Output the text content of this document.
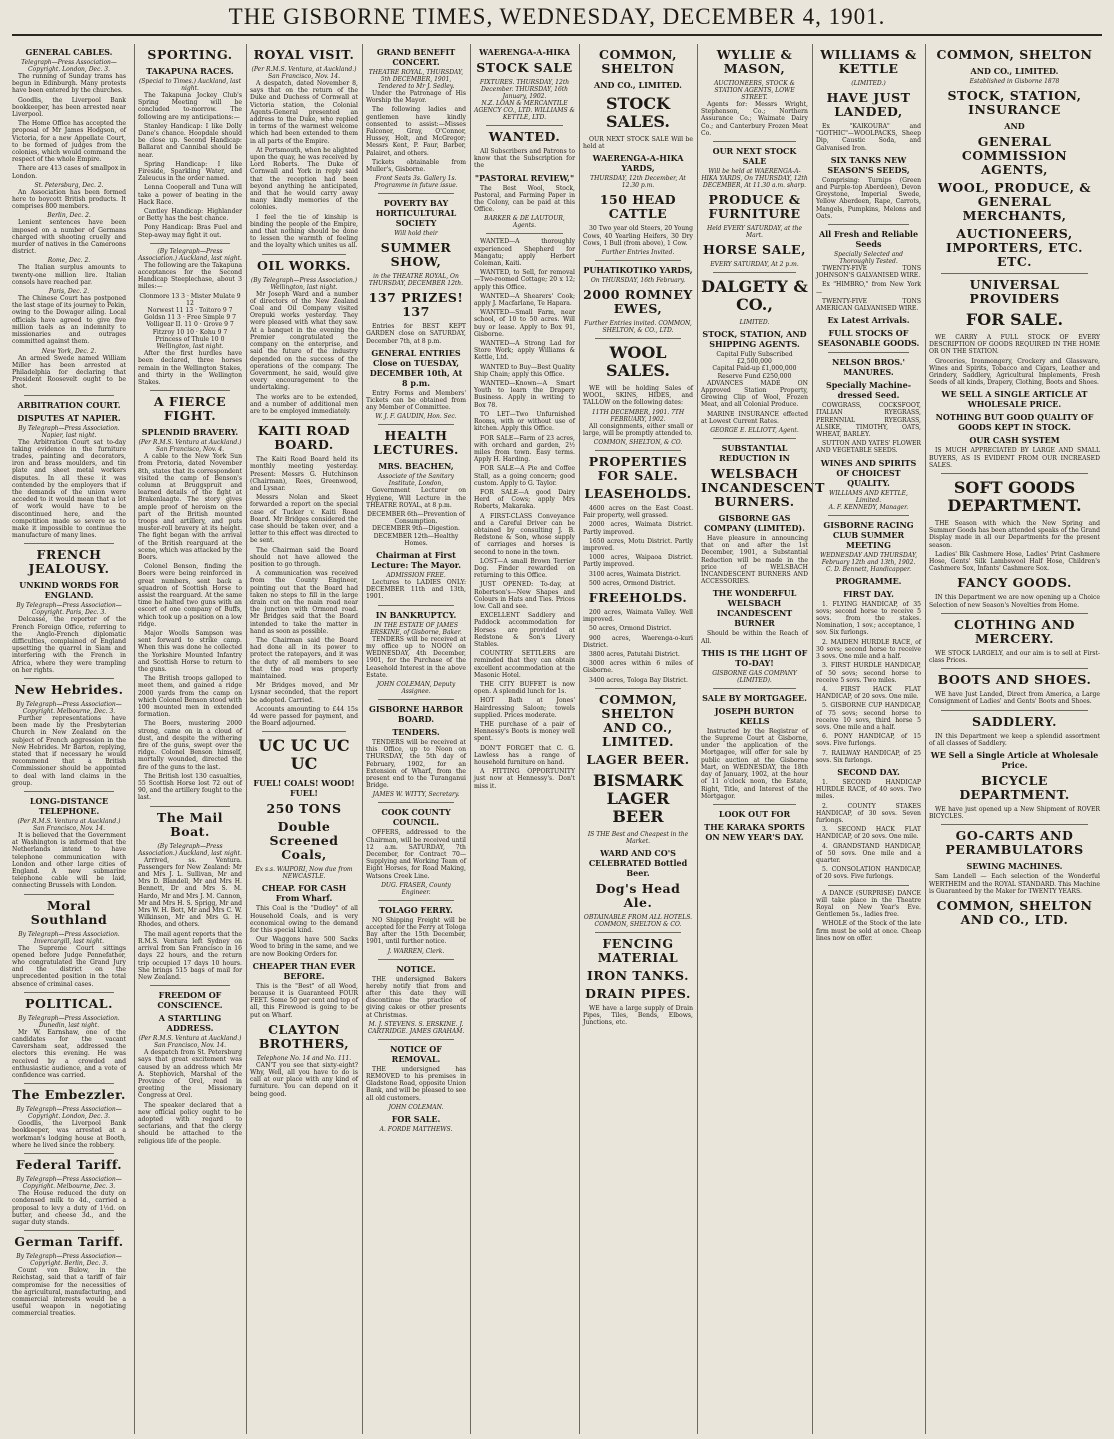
THE GISBORNE TIMES, WEDNESDAY, DECEMBER 4, 1901.
GENERAL CABLES.
Telegraph—Press Association—Copyright. London, Dec. 3.

The running of Sunday trams has begun in Edinburgh. Many protests have been entered by the churches.

Goodlis, the Liverpool Bank bookkeeper, has been arrested near Liverpool.

The Home Office has accepted the proposal of Mr James Hodgson, of Victoria, for a new Appellate Court, to be formed of judges from the colonies, which would command the respect of the whole Empire.

There are 413 cases of smallpox in London.

St. Petersburg, Dec. 2.

An Association has been formed here to boycott British products. It comprises 800 members.

Berlin, Dec. 2.

Lenient sentences have been imposed on a number of Germans charged with shooting cruelly and murder of natives in the Cameroons district.

Rome, Dec. 2.

The Italian surplus amounts to twenty-one million lire. Italian consols have reached par.

Paris, Dec. 2.

The Chinese Court has postponed the last stage of its journey to Pekin, owing to the Dowager ailing. Local officials have agreed to give five million taels as an indemnity to missionaries and outrages committed against them.

New York, Dec. 2.

An armed Swede named William Miller has been arrested at Philadelphia for declaring that President Roosevelt ought to be shot.

ARBITRATION COURT.
DISPUTES AT NAPIER.
By Telegraph—Press Association. Napier, last night.

The Arbitration Court sat to-day taking evidence in the furniture trades, painting and decorators, iron and brass moulders, and tin plate and sheet metal workers disputes. In all these it was contended by the employers that if the demands of the union were acceded to it would mean that a lot of work would have to be discontinued here, and the competition made so severe as to make it impossible to continue the manufacture of many lines.

FRENCH JEALOUSY.
UNKIND WORDS FOR ENGLAND.
By Telegraph—Press Association—Copyright. Paris, Dec. 3.

Delcassé, the reporter of the French Foreign Office, referring to the Anglo-French diplomatic difficulties, complained of England upsetting the quarrel in Siam and interfering with the French in Africa, where they were trampling on her rights.

New Hebrides.
By Telegraph—Press Association—Copyright. Melbourne, Dec. 3.

Further representations have been made by the Presbyterian Church in New Zealand on the subject of French aggression in the New Hebrides. Mr Barton, replying, stated that if necessary he would recommend that a British Commissioner should be appointed to deal with land claims in the group.

LONG-DISTANCE TELEPHONE.
(Per R.M.S. Ventura at Auckland.) San Francisco, Nov. 14.

It is believed that the Government at Washington is informed that the Netherlands intend to have telephone communication with London and other large cities of England. A new submarine telephone cable will be laid, connecting Brussels with London.

Moral Southland
By Telegraph—Press Association. Invercargill, last night.

The Supreme Court sittings opened before Judge Pennefather, who congratulated the Grand Jury and the district on the unprecedented position in the total absence of criminal cases.

POLITICAL.
By Telegraph—Press Association. Dunedin, last night.

Mr W. Earnshaw, one of the candidates for the vacant Caversham seat, addressed the electors this evening. He was received by a crowded and enthusiastic audience, and a vote of confidence was carried.

The Embezzler.
By Telegraph—Press Association—Copyright. London, Dec. 3.

Goodlis, the Liverpool Bank bookkeeper, was arrested at a workman's lodging house at Booth, where he lived since the robbery.

Federal Tariff.
By Telegraph—Press Association—Copyright. Melbourne, Dec. 3.

The House reduced the duty on condensed milk to 4d., carried a proposal to levy a duty of 1½d. on butter, and cheese 3d., and the sugar duty stands.

German Tariff.
By Telegraph—Press Association—Copyright. Berlin, Dec. 3.

Count von Bulow, in the Reichstag, said that a tariff of fair compromise for the necessities of the agricultural, manufacturing, and commercial interests would be a useful weapon in negotiating commercial treaties.

SPORTING.
TAKAPUNA RACES.
(Special to Times.) Auckland, last night.

The Takapuna Jockey Club's Spring Meeting will be concluded to-morrow. The following are my anticipations:—

Stanley Handicap: I like Dolly Dane's chance. Hoopdale should be close up. Second Handicap: Ballarat and Cannibal should be near.

Spring Handicap: I like Fireside, Sparkling Water, and Zaleucus in the order named.

Lenna Cooperall and Tuna will take a power of beating in the Hack Race.

Cantley Handicap: Highlander or Betty has the best chance.

Pony Handicap: Bras Fuel and Step-away may fight it out.

(By Telegraph—Press Association.) Auckland, last night.

The following are the Takapuna acceptances for the Second Handicap Steeplechase, about 3 miles:—

Clonmore 13 3 · Mister Mulate 9 12
Norwest 11 13 · Toitoro 9 7
Goldsn 11 3 · Free Simple 9 7
Volligear II. 11 0 · Grove 9 7
Fitzroy 10 10 · Kohu 9 7
Princess of Thule 10 0
Wellington, last night.

After the first hurdles have been declared, three horses remain in the Wellington Stakes, and thirty in the Wellington Stakes.

A FIERCE FIGHT.
SPLENDID BRAVERY.
(Per R.M.S. Ventura at Auckland.) San Francisco, Nov. 4.

A cable to the New York Sun from Pretoria, dated November 8th, states that its correspondent visited the camp of Benson's column at Bruggspruit and learned details of the fight at Brakenlaagte. The story gives ample proof of heroism on the part of the British mounted troops and artillery, and puts muster-roll bravery at its height. The fight began with the arrival of the British rearguard at the scene, which was attacked by the Boers.

Colonel Benson, finding the Boers were being reinforced in great numbers, sent back a squadron of Scottish Horse to assist the rearguard. At the same time he halted two guns with an escort of one company of Buffs, which took up a position on a low ridge.

Major Woolls Sampson was sent forward to strike camp. When this was done he collected the Yorkshire Mounted Infantry and Scottish Horse to return to the guns.

The British troops galloped to meet them, and gained a ridge 2000 yards from the camp on which Colonel Benson stood with 100 mounted men in extended formation.

The Boers, mustering 2000 strong, came on in a cloud of dust, and despite the withering fire of the guns, swept over the ridge. Colonel Benson himself, mortally wounded, directed the fire of the guns to the last.

The British lost 130 casualties, 55 Scottish Horse lost 72 out of 90, and the artillery fought to the last.

The Mail Boat.
(By Telegraph—Press Association.) Auckland, last night.

Arrived, ss. Ventura. Passengers for New Zealand: Mr and Mrs J. L. Sullivan, Mr and Mrs D. Blandell, Mr and Mrs H. Bennett, Dr and Mrs S. M. Hardo, Mr and Mrs J. M. Cannon, Mr and Mrs H. S. Sprigg, Mr and Mrs W. H. Bott, Mr and Mrs C. W. Wilkinson, Mr and Mrs G. H. Rhodes, and others.

The mail agent reports that the R.M.S. Ventura left Sydney on arrival from San Francisco in 16 days 22 hours, and the return trip occupied 17 days 10 hours. She brings 515 bags of mail for New Zealand.

FREEDOM OF CONSCIENCE.
A STARTLING ADDRESS.
(Per R.M.S. Ventura at Auckland.) San Francisco, Nov. 14.

A despatch from St. Petersburg says that great excitement was caused by an address which Mr A. Stephovich, Marshal of the Province of Orel, read in greeting the Missionary Congress at Orel.

The speaker declared that a new official policy ought to be adopted with regard to sectarians, and that the clergy should be attached to the religious life of the people.

ROYAL VISIT.
(Per R.M.S. Ventura, at Auckland.) San Francisco, Nov. 14.

A despatch, dated November 8, says that on the return of the Duke and Duchess of Cornwall at Victoria station, the Colonial Agents-General presented an address to the Duke, who replied in terms of the warmest welcome which had been extended to them in all parts of the Empire.

At Portsmouth, when he alighted upon the quay, he was received by Lord Roberts. The Duke of Cornwall and York in reply said that the reception had been beyond anything he anticipated, and that he would carry away many kindly memories of the colonies.

I feel the tie of kinship is binding the people of the Empire, and that nothing should be done to lessen the warmth of feeling and the loyalty which unites us all.

OIL WORKS.
(By Telegraph—Press Association.) Wellington, last night.

Mr Joseph Ward and a number of directors of the New Zealand Coal and Oil Company visited Orepuki works yesterday. They were pleased with what they saw. At a banquet in the evening the Premier congratulated the company on the enterprise, and said the future of the industry depended on the success of the operations of the company. The Government, he said, would give every encouragement to the undertaking.

The works are to be extended, and a number of additional men are to be employed immediately.

KAITI ROAD BOARD.

The Kaiti Road Board held its monthly meeting yesterday. Present: Messrs G. Hutchinson (Chairman), Rees, Greenwood, and Lysnar.

Messrs Nolan and Skeet forwarded a report on the special case of Tucker v. Kaiti Road Board. Mr Bridges considered the case should be taken over, and a letter to this effect was directed to be sent.

The Chairman said the Board should not have allowed the position to go through.

A communication was received from the County Engineer, pointing out that the Board had taken no steps to fill in the large drain cut on the main road near the junction with Ormond road. Mr Bridges said that the Board intended to take the matter in hand as soon as possible.

The Chairman said the Board had done all in its power to protect the ratepayers, and it was the duty of all members to see that the road was properly maintained.

Mr Bridges moved, and Mr Lysnar seconded, that the report be adopted. Carried.

Accounts amounting to £44 15s 4d were passed for payment, and the Board adjourned.

UC UC UC UC
FUEL! COALS! WOOD! FUEL!
250 TONS
Double Screened Coals,
Ex s.s. WAIPORI, Now due from NEWCASTLE.
CHEAP. FOR CASH From Wharf.

This Coal is the "Dudley" of all Household Coals, and is very economical owing to the demand for this special kind.

Our Waggons have 500 Sacks Wood to bring in the same, and we are now Booking Orders for.

CHEAPER THAN EVER BEFORE.

This is the "Best" of all Wood, because it is Guaranteed FOUR FEET. Some 50 per cent and top of all, this Firewood is going to be put on Wharf.

CLAYTON BROTHERS,
Telephone No. 14 and No. 111.

CAN'T you see that sixty-eight? Why, Well, all you have to do is call at our place with any kind of furniture. You can depend on it being good.

GRAND BENEFIT CONCERT.
THEATRE ROYAL, THURSDAY, 5th DECEMBER, 1901, Tendered to Mr J. Sedley.

Under the Patronage of His Worship the Mayor.

The following ladies and gentlemen have kindly consented to assist:—Misses Falconer, Gray, O'Connor, Hussey, Holt, and McGregor; Messrs Kent, P. Faur, Barber, Palairet, and others.

Tickets obtainable from Muller's, Gisborne.

Front Seats 3s. Gallery 1s.
Programme in future issue.
POVERTY BAY HORTICULTURAL SOCIETY
Will hold their
SUMMER SHOW,
in the THEATRE ROYAL, On THURSDAY, DECEMBER 12th.
137 PRIZES! 137

Entries for BEST KEPT GARDEN close on SATURDAY, December 7th, at 8 p.m.

GENERAL ENTRIES Close on TUESDAY, DECEMBER 10th, At 8 p.m.

Entry Forms and Members' Tickets can be obtained from any Member of Committee.

W. J. F. GAUDIN, Hon. Sec.
HEALTH LECTURES.
MRS. BEACHEN,
Associate of the Sanitary Institute, London,

Government Lecturer on Hygiene, Will Lecture in the THEATRE ROYAL, at 8 p.m.

DECEMBER 6th—Prevention of Consumption.
DECEMBER 9th—Digestion.
DECEMBER 12th—Healthy Homes.
Chairman at First Lecture: The Mayor.
ADMISSION FREE.

Lectures to LADIES ONLY: DECEMBER 11th and 13th, 1901.

IN BANKRUPTCY.
IN THE ESTATE OF JAMES ERSKINE, of Gisborne, Baker.

TENDERS will be received at my office up to NOON on WEDNESDAY, 4th December, 1901, for the Purchase of the Leasehold Interest in the above Estate.

JOHN COLEMAN, Deputy Assignee.
GISBORNE HARBOR BOARD.
TENDERS.

TENDERS will be received at this Office, up to Noon on THURSDAY, the 5th day of February, 1902, for an Extension of Wharf, from the present end to the Turanganui Bridge.

JAMES W. WITTY, Secretary.
COOK COUNTY COUNCIL.

OFFERS, addressed to the Chairman, will be received until 12 a.m. SATURDAY, 7th December, for Contract 70—Supplying and Working Team of Eight Horses, for Road Making, Watsons Creek Line.

DUG. FRASER, County Engineer.
TOLAGO FERRY.

NO Shipping Freight will be accepted for the Ferry at Tologa Bay after the 15th December, 1901, until further notice.

J. WARREN, Clerk.
NOTICE.

THE undersigned Bakers hereby notify that from and after this date they will discontinue the practice of giving cakes or other presents at Christmas.

M. J. STEVENS. S. ERSKINE. J. CARTRIDGE. JAMES GRAHAM.
NOTICE OF REMOVAL.

THE undersigned has REMOVED to his premises in Gladstone Road, opposite Union Bank, and will be pleased to see all old customers.

JOHN COLEMAN.
FOR SALE.
A. FORDE MATTHEWS.
WAERENGA-A-HIKA
STOCK SALE
FIXTURES. THURSDAY, 12th December. THURSDAY, 16th January, 1902.
N.Z. LOAN & MERCANTILE AGENCY CO., LTD. WILLIAMS & KETTLE, LTD.
WANTED.

All Subscribers and Patrons to know that the Subscription for the

"PASTORAL REVIEW,"

The Best Wool, Stock, Pastoral, and Farming Paper in the Colony, can be paid at this Office.

BARKER & DE LAUTOUR, Agents.

WANTED—A thoroughly experienced Shepherd for Mangatu; apply Herbert Coleman, Kaiti.

WANTED, to Sell, for removal—Two-roomed Cottage; 20 x 12; apply this Office.

WANTED—A Shearers' Cook; apply J. Macfarlane, Te Hapara.

WANTED—Small Farm, near school, of 10 to 50 acres. Will buy or lease. Apply to Box 91, Gisborne.

WANTED—A Strong Lad for Store Work; apply Williams & Kettle, Ltd.

WANTED to Buy—Best Quality Ship Chain; apply this Office.

WANTED—Known—A Smart Youth to learn the Drapery Business. Apply in writing to Box 78.

TO LET—Two Unfurnished Rooms, with or without use of kitchen. Apply this Office.

FOR SALE—Farm of 23 acres, with orchard and garden, 2½ miles from town. Easy terms. Apply H. Harding.

FOR SALE—A Pie and Coffee Stall, as a going concern; good custom. Apply to G. Taylor.

FOR SALE—A good Dairy Herd of Cows; apply Mrs Roberts, Makaraka.

A FIRST-CLASS Conveyance and a Careful Driver can be obtained by consulting J. B. Redstone & Son, whose supply of carriages and horses is second to none in the town.

LOST—A small Brown Terrier Dog. Finder rewarded on returning to this Office.

JUST OPENED: To-day, at Robertson's—New Shapes and Colours in Hats and Ties. Prices low. Call and see.

EXCELLENT Saddlery and Paddock accommodation for Horses are provided at Redstone & Son's Livery Stables.

COUNTRY SETTLERS are reminded that they can obtain excellent accommodation at the Masonic Hotel.

THE CITY BUFFET is now open. A splendid lunch for 1s.

HOT Bath at Jones' Hairdressing Saloon; towels supplied. Prices moderate.

THE purchase of a pair of Hennessy's Boots is money well spent.

DON'T FORGET that C. G. Lawless has a range of household furniture on hand.

A FITTING OPPORTUNITY just now at Hennessy's. Don't miss it.

COMMON, SHELTON
AND CO., LIMITED.
STOCK SALES.

OUR NEXT STOCK SALE Will be held at

WAERENGA-A-HIKA YARDS,
THURSDAY, 12th December, At 12.30 p.m.
150 HEAD CATTLE

30 Two year old Steers, 20 Young Cows, 40 Yearling Heifers, 30 Dry Cows, 1 Bull (from above), 1 Cow.

Further Entries Invited.
PUHATIKOTIKO YARDS,
On THURSDAY, 16th February.
2000 ROMNEY EWES,
Further Entries invited. COMMON, SHELTON, & CO., LTD.
WOOL SALES.

WE will be holding Sales of WOOL, SKINS, HIDES, and TALLOW on the following dates:

11TH DECEMBER, 1901. 7TH FEBRUARY, 1902.

All consignments, either small or large, will be promptly attended to.

COMMON, SHELTON, & CO.
PROPERTIES FOR SALE.
LEASEHOLDS.

4600 acres on the East Coast. Fair property, well grassed.

2000 acres, Waimata District. Partly improved.

1650 acres, Motu District. Partly improved.

1000 acres, Waipaoa District. Partly improved.

3100 acres, Waimata District.

500 acres, Ormond District.

FREEHOLDS.

200 acres, Waimata Valley. Well improved.

50 acres, Ormond District.

900 acres, Waerenga-o-kuri District.

3800 acres, Patutahi District.

3000 acres within 6 miles of Gisborne.

3400 acres, Tologa Bay District.

COMMON, SHELTON AND CO., LIMITED.
LAGER BEER.
BISMARK LAGER BEER
IS THE Best and Cheapest in the Market.
WARD AND CO'S CELEBRATED Bottled Beer.
Dog's Head Ale.
OBTAINABLE FROM ALL HOTELS. COMMON, SHELTON & CO.
FENCING MATERIAL
IRON TANKS.
DRAIN PIPES.

WE have a large supply of Drain Pipes, Tiles, Bends, Elbows, Junctions, etc.

WYLLIE & MASON,
AUCTIONEERS, STOCK & STATION AGENTS, LOWE STREET.

Agents for: Messrs Wright, Stephenson, Co.; Northern Assurance Co.; Waimate Dairy Co.; and Canterbury Frozen Meat Co.

OUR NEXT STOCK SALE
Will be held at WAERENGA-A-HIKA YARDS, On THURSDAY, 12th DECEMBER, At 11.30 a.m. sharp.
PRODUCE & FURNITURE
Held EVERY SATURDAY, at the Mart.
HORSE SALE,
EVERY SATURDAY, At 2 p.m.
DALGETY & CO.,
LIMITED.
STOCK, STATION, AND SHIPPING AGENTS.
Capital Fully Subscribed £2,500,000
Capital Paid-up £1,000,000
Reserve Fund £250,000

ADVANCES MADE ON Approved Station Property, Growing Clip of Wool, Frozen Meat, and all Colonial Produce.

MARINE INSURANCE effected at Lowest Current Rates.

GEORGE E. ELLIOTT, Agent.
SUBSTANTIAL REDUCTION IN
WELSBACH INCANDESCENT BURNERS.
GISBORNE GAS COMPANY (LIMITED).

Have pleasure in announcing that on and after the 1st December, 1901, a Substantial Reduction will be made in the price of WELSBACH INCANDESCENT BURNERS AND ACCESSORIES.

THE WONDERFUL WELSBACH INCANDESCENT BURNER

Should be within the Reach of All.

THIS IS THE LIGHT OF TO-DAY!
GISBORNE GAS COMPANY (LIMITED).
SALE BY MORTGAGEE.
JOSEPH BURTON KELLS

Instructed by the Registrar of the Supreme Court at Gisborne, under the application of the Mortgagee, will offer for sale by public auction at the Gisborne Mart, on WEDNESDAY, the 18th day of January, 1902, at the hour of 11 o'clock noon, the Estate, Right, Title, and Interest of the Mortgagor.

LOOK OUT FOR
THE KARAKA SPORTS ON NEW YEAR'S DAY.
WILLIAMS & KETTLE
(LIMITED.)
HAVE JUST LANDED,

Ex "KAIKOURA" and "GOTHIC"—WOOLPACKS, Sheep Dip, Caustic Soda, and Galvanised Iron.

SIX TANKS NEW SEASON'S SEEDS,

Comprising: Turnips (Green and Purple-top Aberdeen), Devon Greystone, Imperial Swede, Yellow Aberdeen, Rape, Carrots, Mangels, Pumpkins, Melons and Oats.

All Fresh and Reliable Seeds
Specially Selected and Thoroughly Tested.

TWENTY-FIVE TONS JOHNSON'S GALVANISED WIRE.

Ex "HIMBRO," from New York—

TWENTY-FIVE TONS AMERICAN GALVANISED WIRE.

Ex Latest Arrivals.
FULL STOCKS OF SEASONABLE GOODS.
NELSON BROS.' MANURES.
Specially Machine-dressed Seed.

COWGRASS, COCKSFOOT, ITALIAN RYEGRASS, PERENNIAL RYEGRASS, ALSIKE, TIMOTHY, OATS, WHEAT, BARLEY.

SUTTON AND YATES' FLOWER AND VEGETABLE SEEDS.

WINES AND SPIRITS OF CHOICEST QUALITY.
WILLIAMS AND KETTLE, Limited.
A. F. KENNEDY, Manager.
GISBORNE RACING CLUB SUMMER MEETING
WEDNESDAY AND THURSDAY, February 12th and 13th, 1902.
C. D. Bennett, Handicapper.
PROGRAMME.
FIRST DAY.

1. FLYING HANDICAP, of 35 sovs; second horse to receive 5 sovs. from the stakes. Nomination, 1 sov.; acceptance, 1 sov. Six furlongs.

2. MAIDEN HURDLE RACE, of 30 sovs; second horse to receive 3 sovs. One mile and a half.

3. FIRST HURDLE HANDICAP, of 50 sovs; second horse to receive 5 sovs. Two miles.

4. FIRST HACK FLAT HANDICAP, of 20 sovs. One mile.

5. GISBORNE CUP HANDICAP, of 75 sovs; second horse to receive 10 sovs, third horse 5 sovs. One mile and a half.

6. PONY HANDICAP, of 15 sovs. Five furlongs.

7. RAILWAY HANDICAP, of 25 sovs. Six furlongs.

SECOND DAY.

1. SECOND HANDICAP HURDLE RACE, of 40 sovs. Two miles.

2. COUNTY STAKES HANDICAP, of 30 sovs. Seven furlongs.

3. SECOND HACK FLAT HANDICAP, of 20 sovs. One mile.

4. GRANDSTAND HANDICAP, of 50 sovs. One mile and a quarter.

5. CONSOLATION HANDICAP, of 20 sovs. Five furlongs.

A DANCE (SURPRISE) DANCE will take place in the Theatre Royal on New Year's Eve. Gentlemen 5s., ladies free.

WHOLE of the Stock of the late firm must be sold at once. Cheap lines now on offer.

COMMON, SHELTON
AND CO., LIMITED.
Established in Gisborne 1878
STOCK, STATION, INSURANCE
AND
GENERAL COMMISSION AGENTS,
WOOL, PRODUCE, & GENERAL MERCHANTS,
AUCTIONEERS, IMPORTERS, ETC. ETC.
UNIVERSAL PROVIDERS
FOR SALE.

WE CARRY A FULL STOCK OF EVERY DESCRIPTION OF GOODS REQUIRED IN THE HOME OR ON THE STATION.

Groceries, Ironmongery, Crockery and Glassware, Wines and Spirits, Tobacco and Cigars, Leather and Grindery, Saddlery, Agricultural Implements, Fresh Seeds of all kinds, Drapery, Clothing, Boots and Shoes.

WE SELL A SINGLE ARTICLE AT WHOLESALE PRICE.
NOTHING BUT GOOD QUALITY OF GOODS KEPT IN STOCK.
OUR CASH SYSTEM

IS MUCH APPRECIATED BY LARGE AND SMALL BUYERS, AS IS EVIDENT FROM OUR INCREASED SALES.

SOFT GOODS DEPARTMENT.

THE Season with which the New Spring and Summer Goods has been attended speaks of the Grand Display made in all our Departments for the present season.

Ladies' Blk Cashmere Hose, Ladies' Print Cashmere Hose, Gents' Silk Lambswool Half Hose, Children's Cashmere Sox, Infants' Cashmere Sox.

FANCY GOODS.

IN this Department we are now opening up a Choice Selection of new Season's Novelties from Home.

CLOTHING AND MERCERY.

WE STOCK LARGELY, and our aim is to sell at First-class Prices.

BOOTS AND SHOES.

WE have Just Landed, Direct from America, a Large Consignment of Ladies' and Gents' Boots and Shoes.

SADDLERY.

IN this Department we keep a splendid assortment of all classes of Saddlery.

WE Sell a Single Article at Wholesale Price.
BICYCLE DEPARTMENT.

WE have just opened up a New Shipment of ROVER BICYCLES.

GO-CARTS AND PERAMBULATORS
SEWING MACHINES.

Sam Landell — Each selection of the Wonderful WERTHEIM and the ROYAL STANDARD. This Machine is Guaranteed by the Maker for TWENTY YEARS.

COMMON, SHELTON AND CO., LTD.
